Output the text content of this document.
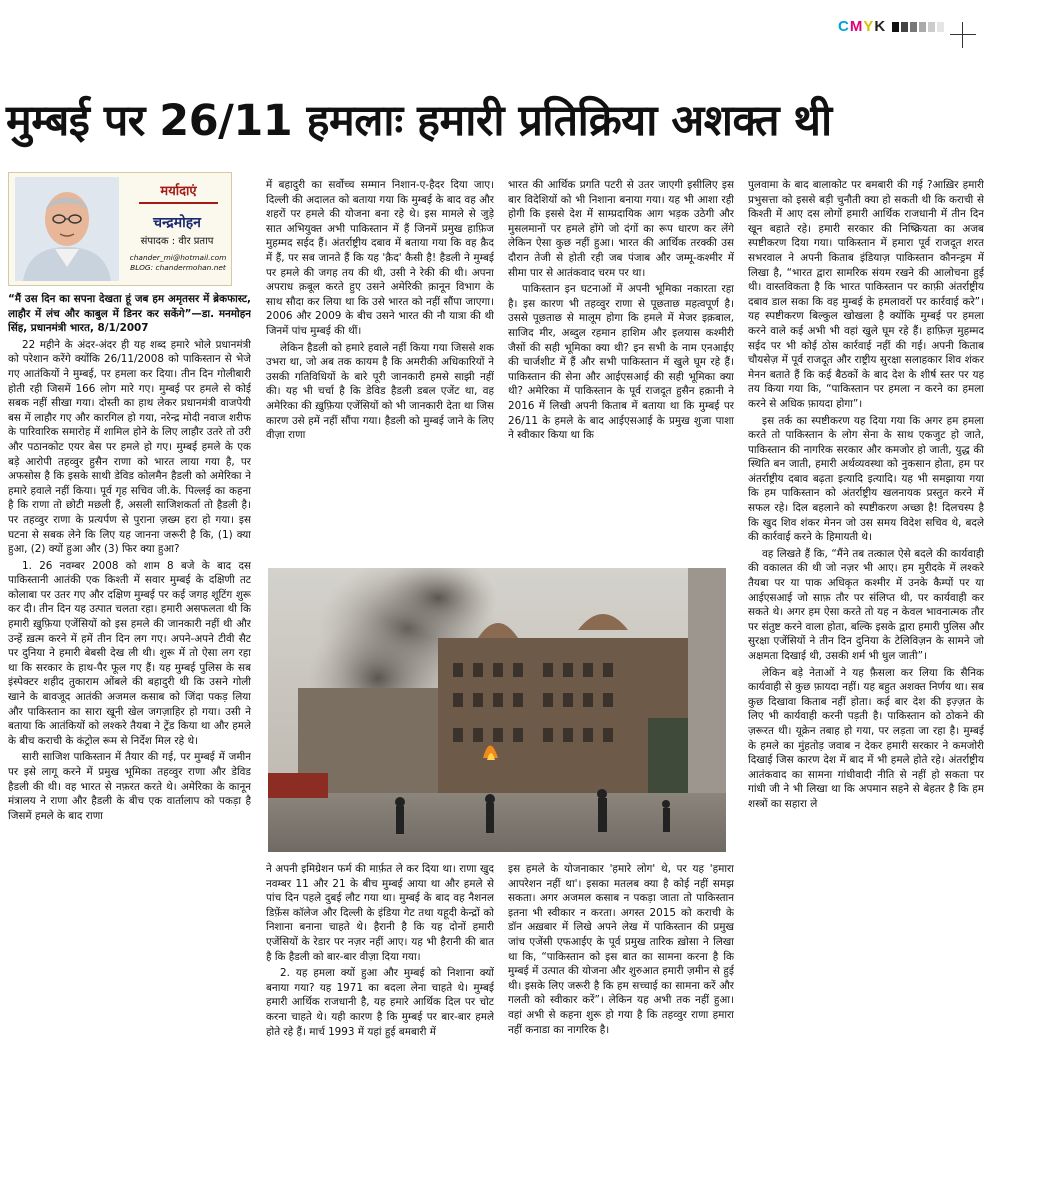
CMYK
मुम्बई पर 26/11 हमलाः हमारी प्रतिक्रिया अशक्त थी
मर्यादाएं
चन्द्रमोहन
संपादक : वीर प्रताप
chander_mi@hotmail.com
BLOG: chandermohan.net

“मैं उस दिन का सपना देखता हूं जब हम अमृतसर में ब्रेकफास्ट, लाहौर में लंच और काबुल में डिनर कर सकेंगे”—डा. मनमोहन सिंह, प्रधानमंत्री भारत, 8/1/2007

22 महीने के अंदर-अंदर ही यह शब्द हमारे भोले प्रधानमंत्री को परेशान करेंगे क्योंकि 26/11/2008 को पाकिस्तान से भेजे गए आतंकियों ने मुम्बई, पर हमला कर दिया। तीन दिन गोलीबारी होती रही जिसमें 166 लोग मारे गए। मुम्बई पर हमले से कोई सबक नहीं सीखा गया। दोस्ती का हाथ लेकर प्रधानमंत्री वाजपेयी बस में लाहौर गए और कारगिल हो गया, नरेन्द्र मोदी नवाज शरीफ के पारिवारिक समारोह में शामिल होने के लिए लाहौर उतरे तो उरी और पठानकोट एयर बेस पर हमले हो गए। मुम्बई हमले के एक बड़े आरोपी तहव्वुर हुसैन राणा को भारत लाया गया है, पर अफसोस है कि इसके साथी डेविड कोलमैन हैडली को अमेरिका ने हमारे हवाले नहीं किया। पूर्व गृह सचिव जी.के. पिल्लई का कहना है कि राणा तो छोटी मछली हैं, असली साजिशकर्ता तो हैडली है। पर तहव्वुर राणा के प्रत्यर्पण से पुराना ज़ख्म हरा हो गया। इस घटना से सबक लेने कि लिए यह जानना जरूरी है कि, (1) क्या हुआ, (2) क्यों हुआ और (3) फिर क्या हुआ?

1. 26 नवम्बर 2008 को शाम 8 बजे के बाद दस पाकिस्तानी आतंकी एक किश्ती में सवार मुम्बई के दक्षिणी तट कोलाबा पर उतर गए और दक्षिण मुम्बई पर कई जगह शूटिंग शुरू कर दी। तीन दिन यह उत्पात चलता रहा। हमारी असफलता थी कि हमारी ख़ुफ़िया एजेंसियों को इस हमले की जानकारी नहीं थी और उन्हें ख़त्म करने में हमें तीन दिन लग गए। अपने-अपने टीवी सैट पर दुनिया ने हमारी बेबसी देख ली थी। शुरू में तो ऐसा लग रहा था कि सरकार के हाथ-पैर फूल गए हैं। यह मुम्बई पुलिस के सब इंस्पेक्टर शहीद तुकाराम ओंबले की बहादुरी थी कि उसने गोली खाने के बावजूद आतंकी अजमल कसाब को जिंदा पकड़ लिया और पाकिस्तान का सारा खूनी खेल जगज़ाहिर हो गया। उसी ने बताया कि आतंकियों को लश्करे तैयबा ने ट्रेंड किया था और हमले के बीच कराची के कंट्रोल रूम से निर्देश मिल रहे थे।

सारी साजिश पाकिस्तान में तैयार की गई, पर मुम्बई में जमीन पर इसे लागू करने में प्रमुख भूमिका तहव्वुर राणा और डेविड हैडली की थी। वह भारत से नफ़रत करते थे। अमेरिका के कानून मंत्रालय ने राणा और हैडली के बीच एक वार्तालाप को पकड़ा है जिसमें हमले के बाद राणा

में बहादुरी का सर्वोच्च सम्मान निशान-ए-हैदर दिया जाए। दिल्ली की अदालत को बताया गया कि मुम्बई के बाद वह और शहरों पर हमले की योजना बना रहे थे। इस मामले से जुड़े सात अभियुक्त अभी पाकिस्तान में हैं जिनमें प्रमुख हाफ़िज मुहम्मद सईद हैं। अंतर्राष्ट्रीय दबाव में बताया गया कि वह क़ैद में हैं, पर सब जानते हैं कि यह 'क़ैद' कैसी है! हैडली ने मुम्बई पर हमले की जगह तय की थी, उसी ने रेकी की थी। अपना अपराध क़बूल करते हुए उसने अमेरिकी क़ानून विभाग के साथ सौदा कर लिया था कि उसे भारत को नहीं सौंपा जाएगा। 2006 और 2009 के बीच उसने भारत की नौ यात्रा की थी जिनमें पांच मुम्बई की थीं।

लेकिन हैडली को हमारे हवाले नहीं किया गया जिससे शक उभरा था, जो अब तक कायम है कि अमरीकी अधिकारियों ने उसकी गतिविधियों के बारे पूरी जानकारी हमसे साझी नहीं की। यह भी चर्चा है कि डेविड हैडली डबल एजेंट था, वह अमेरिका की ख़ुफ़िया एजेंसियों को भी जानकारी देता था जिस कारण उसे हमें नहीं सौंपा गया। हैडली को मुम्बई जाने के लिए वीज़ा राणा

भारत की आर्थिक प्रगति पटरी से उतर जाएगी इसीलिए इस बार विदेशियों को भी निशाना बनाया गया। यह भी आशा रही होगी कि इससे देश में साम्प्रदायिक आग भड़क उठेगी और मुसलमानों पर हमले होंगे जो दंगों का रूप धारण कर लेंगे लेकिन ऐसा कुछ नहीं हुआ। भारत की आर्थिक तरक्की उस दौरान तेजी से होती रही जब पंजाब और जम्मू-कश्मीर में सीमा पार से आतंकवाद चरम पर था।

पाकिस्तान इन घटनाओं में अपनी भूमिका नकारता रहा है। इस कारण भी तहव्वुर राणा से पूछताछ महत्वपूर्ण है। उससे पूछताछ से मालूम होगा कि हमले में मेजर इक़बाल, साजिद मीर, अब्दुल रहमान हाशिम और इलयास कश्मीरी जैसों की सही भूमिका क्या थी? इन सभी के नाम एनआईए की चार्जशीट में हैं और सभी पाकिस्तान में खुले घूम रहे हैं। पाकिस्तान की सेना और आईएसआई की सही भूमिका क्या थी? अमेरिका में पाकिस्तान के पूर्व राजदूत हुसैन हक़ानी ने 2016 में लिखी अपनी किताब में बताया था कि मुम्बई पर 26/11 के हमले के बाद आईएसआई के प्रमुख शुजा पाशा ने स्वीकार किया था कि

ने अपनी इमिग्रेशन फर्म की मार्फ़त ले कर दिया था। राणा खुद नवम्बर 11 और 21 के बीच मुम्बई आया था और हमले से पांच दिन पहले दुबई लौट गया था। मुम्बई के बाद वह नैशनल डिफ़ेंस कॉलेज और दिल्ली के इंडिया गेट तथा यहूदी केन्द्रों को निशाना बनाना चाहते थे। हैरानी है कि यह दोनों हमारी एजेंसियों के रेडार पर नज़र नहीं आए। यह भी हैरानी की बात है कि हैडली को बार-बार वीज़ा दिया गया।

2. यह हमला क्यों हुआ और मुम्बई को निशाना क्यों बनाया गया? यह 1971 का बदला लेना चाहते थे। मुम्बई हमारी आर्थिक राजधानी है, यह हमारे आर्थिक दिल पर चोट करना चाहते थे। यही कारण है कि मुम्बई पर बार-बार हमले होते रहे हैं। मार्च 1993 में यहां हुई बमबारी में

इस हमले के योजनाकार 'हमारे लोग' थे, पर यह 'हमारा आपरेशन नहीं था'। इसका मतलब क्या है कोई नहीं समझ सकता। अगर अजमल कसाब न पकड़ा जाता तो पाकिस्तान इतना भी स्वीकार न करता। अगस्त 2015 को कराची के डॉन अख़बार में लिखे अपने लेख में पाकिस्तान की प्रमुख जांच एजेंसी एफआईए के पूर्व प्रमुख तारिक ख़ोसा ने लिखा था कि, “पाकिस्तान को इस बात का सामना करना है कि मुम्बई में उत्पात की योजना और शुरुआत हमारी ज़मीन से हुई थी। इसके लिए जरूरी है कि हम सच्चाई का सामना करें और गलती को स्वीकार करें”। लेकिन यह अभी तक नहीं हुआ। वहां अभी से कहना शुरू हो गया है कि तहव्वुर राणा हमारा नहीं कनाडा का नागरिक है।

पुलवामा के बाद बालाकोट पर बमबारी की गई ?आख़िर हमारी प्रभुसत्ता को इससे बड़ी चुनौती क्या हो सकती थी कि कराची से किश्ती में आए दस लोगों हमारी आर्थिक राजधानी में तीन दिन खून बहाते रहे। हमारी सरकार की निष्क्रियता का अजब स्पष्टीकरण दिया गया। पाकिस्तान में हमारा पूर्व राजदूत शरत सभरवाल ने अपनी किताब इंडियाज़ पाकिस्तान कौनन्ड्रम में लिखा है, “भारत द्वारा सामरिक संयम रखने की आलोचना हुई थी। वास्तविकता है कि भारत पाकिस्तान पर काफ़ी अंतर्राष्ट्रीय दबाव डाल सका कि वह मुम्बई के हमलावरों पर कार्रवाई करे”। यह स्पष्टीकरण बिल्कुल खोखला है क्योंकि मुम्बई पर हमला करने वाले कई अभी भी वहां खुले घूम रहे हैं। हाफ़िज़ मुहम्मद सईद पर भी कोई ठोस कार्रवाई नहीं की गई। अपनी किताब चौयसेज़ में पूर्व राजदूत और राष्ट्रीय सुरक्षा सलाहकार शिव शंकर मेनन बताते हैं कि कई बैठकों के बाद देश के शीर्ष स्तर पर यह तय किया गया कि, “पाकिस्तान पर हमला न करने का हमला करने से अधिक फ़ायदा होगा”।

इस तर्क का स्पष्टीकरण यह दिया गया कि अगर हम हमला करते तो पाकिस्तान के लोग सेना के साथ एकजुट हो जाते, पाकिस्तान की नागरिक सरकार और कमजोर हो जाती, युद्ध की स्थिति बन जाती, हमारी अर्थव्यवस्था को नुकसान होता, हम पर अंतर्राष्ट्रीय दबाव बढ़ता इत्यादि इत्यादि। यह भी समझाया गया कि हम पाकिस्तान को अंतर्राष्ट्रीय खलनायक प्रस्तुत करने में सफल रहे। दिल बहलाने को स्पष्टीकरण अच्छा है! दिलचस्प है कि खुद शिव शंकर मेनन जो उस समय विदेश सचिव थे, बदले की कार्रवाई करने के हिमायती थे।

वह लिखते हैं कि, “मैंने तब तत्काल ऐसे बदले की कार्यवाही की वकालत की थी जो नज़र भी आए। हम मुरीदके में लश्करे तैयबा पर या पाक अधिकृत कश्मीर में उनके कैम्पों पर या आईएसआई जो साफ़ तौर पर संलिप्त थी, पर कार्यवाही कर सकते थे। अगर हम ऐसा करते तो यह न केवल भावनात्मक तौर पर संतुष्ट करने वाला होता, बल्कि इसके द्वारा हमारी पुलिस और सुरक्षा एजेंसियों ने तीन दिन दुनिया के टेलिविज़न के सामने जो अक्षमता दिखाई थी, उसकी शर्म भी धुल जाती”।

लेकिन बड़े नेताओं ने यह फ़ैसला कर लिया कि सैनिक कार्यवाही से कुछ फ़ायदा नहीं। यह बहुत अशक्त निर्णय था। सब कुछ दिखावा किताब नहीं होता। कई बार देश की इज़्ज़त के लिए भी कार्यवाही करनी पड़ती है। पाकिस्तान को ठोकने की ज़रूरत थी। यूक्रेन तबाह हो गया, पर लड़ता जा रहा है। मुम्बई के हमले का मुंहतोड़ जवाब न देकर हमारी सरकार ने कमजोरी दिखाई जिस कारण देश में बाद में भी हमले होते रहे। अंतर्राष्ट्रीय आतंकवाद का सामना गांधीवादी नीति से नहीं हो सकता पर गांधी जी ने भी लिखा था कि अपमान सहने से बेहतर है कि हम शस्त्रों का सहारा ले
